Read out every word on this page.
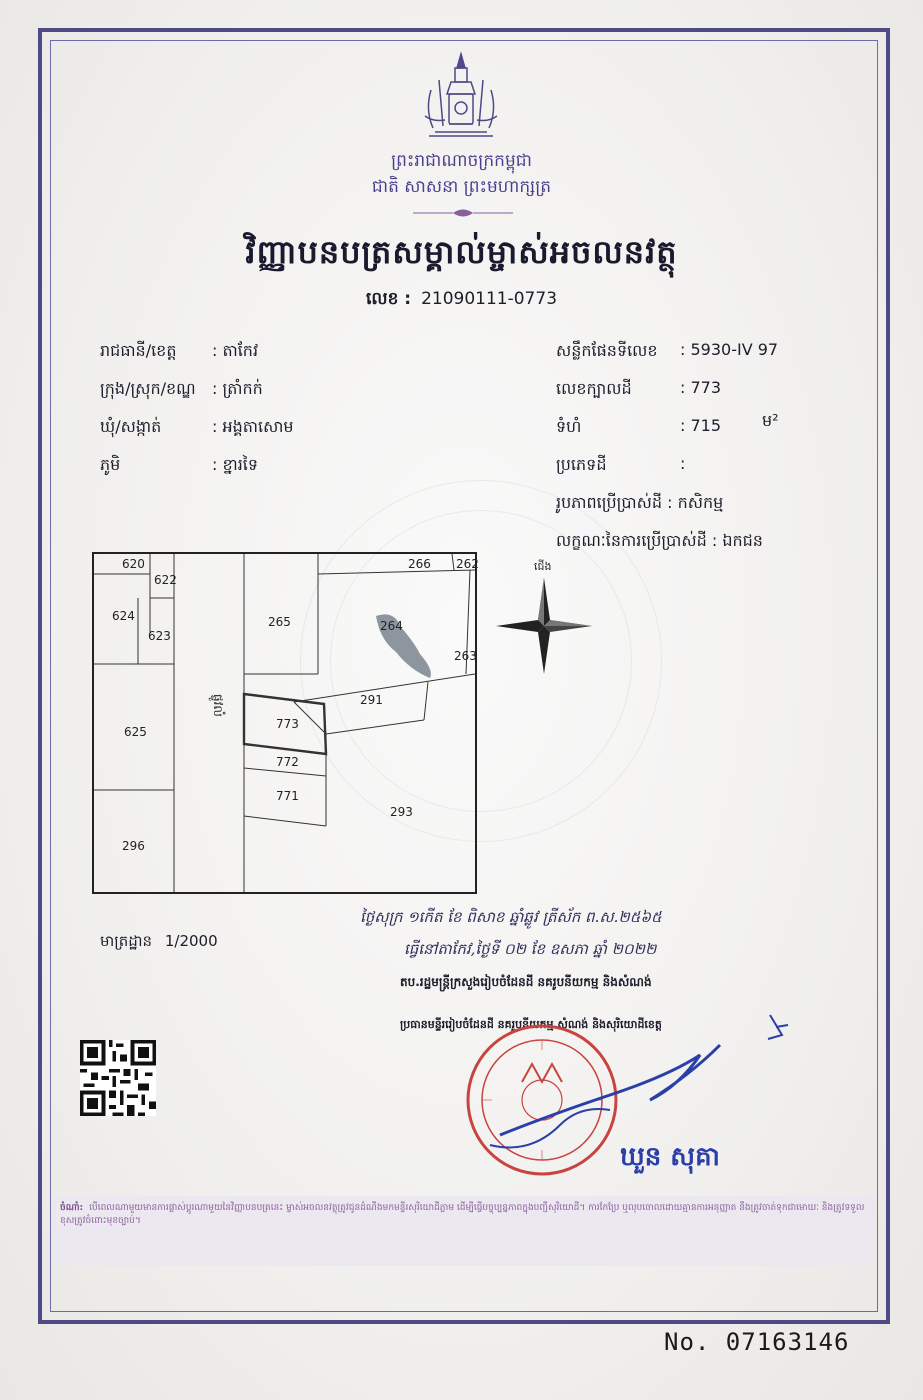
ព្រះរាជាណាចក្រកម្ពុជា
ជាតិ សាសនា ព្រះមហាក្សត្រ
វិញ្ញាបនបត្រសម្គាល់ម្ចាស់អចលនវត្ថុ
លេខ : 21090111-0773
រាជធានី/ខេត្ត : តាកែវ
ក្រុង/ស្រុក/ខណ្ឌ : ត្រាំកក់
ឃុំ/សង្កាត់	: អង្គតាសោម
ភូមិ	: ខ្នារទៃ
សន្លឹកផែនទីលេខ : 5930-IV 97
លេខក្បាលដី	: 773
ទំហំ	: 715	ម²
ប្រភេទដី	:
រូបភាពប្រើប្រាស់ដី : កសិកម្ម
លក្ខណៈនៃការប្រើប្រាស់ដី : ឯកជន
620
622
624
623
265
266 262
264
263
291
625
773
772
771
293
296
ផ្លូវលំ
ជើង
មាត្រដ្ឋាន 1/2000
ថ្ងៃសុក្រ ១កើត ខែ ពិសាខ ឆ្នាំឆ្លូវ ត្រីស័ក ព.ស.២៥៦៥
ធ្វើនៅតាកែវ,ថ្ងៃទី ០២ ខែ ឧសភា ឆ្នាំ ២០២២
តប.រដ្ឋមន្ត្រីក្រសួងរៀបចំដែនដី នគរូបនីយកម្ម និងសំណង់
ប្រធានមន្ទីររៀបចំដែនដី នគរូបនីយកម្ម សំណង់ និងសុរិយោដីខេត្ត
ឃួន សុគា
ចំណាំ: បើពេលណាមួយមានការផ្លាស់ប្តូរណាមួយនៃវិញ្ញាបនបត្រនេះ ម្ចាស់អចលនវត្ថុត្រូវជូនដំណឹងមកមន្ទីរសុរិយោដីភ្លាម ដើម្បីធ្វើបច្ចុប្បន្នភាពក្នុងបញ្ជីសុរិយោដី។ ការកែប្រែ ឬលុបចោលដោយគ្មានការអនុញ្ញាត នឹងត្រូវចាត់ទុកជាមោឃៈ និងត្រូវទទួលខុសត្រូវចំពោះមុខច្បាប់។
No. 07163146
